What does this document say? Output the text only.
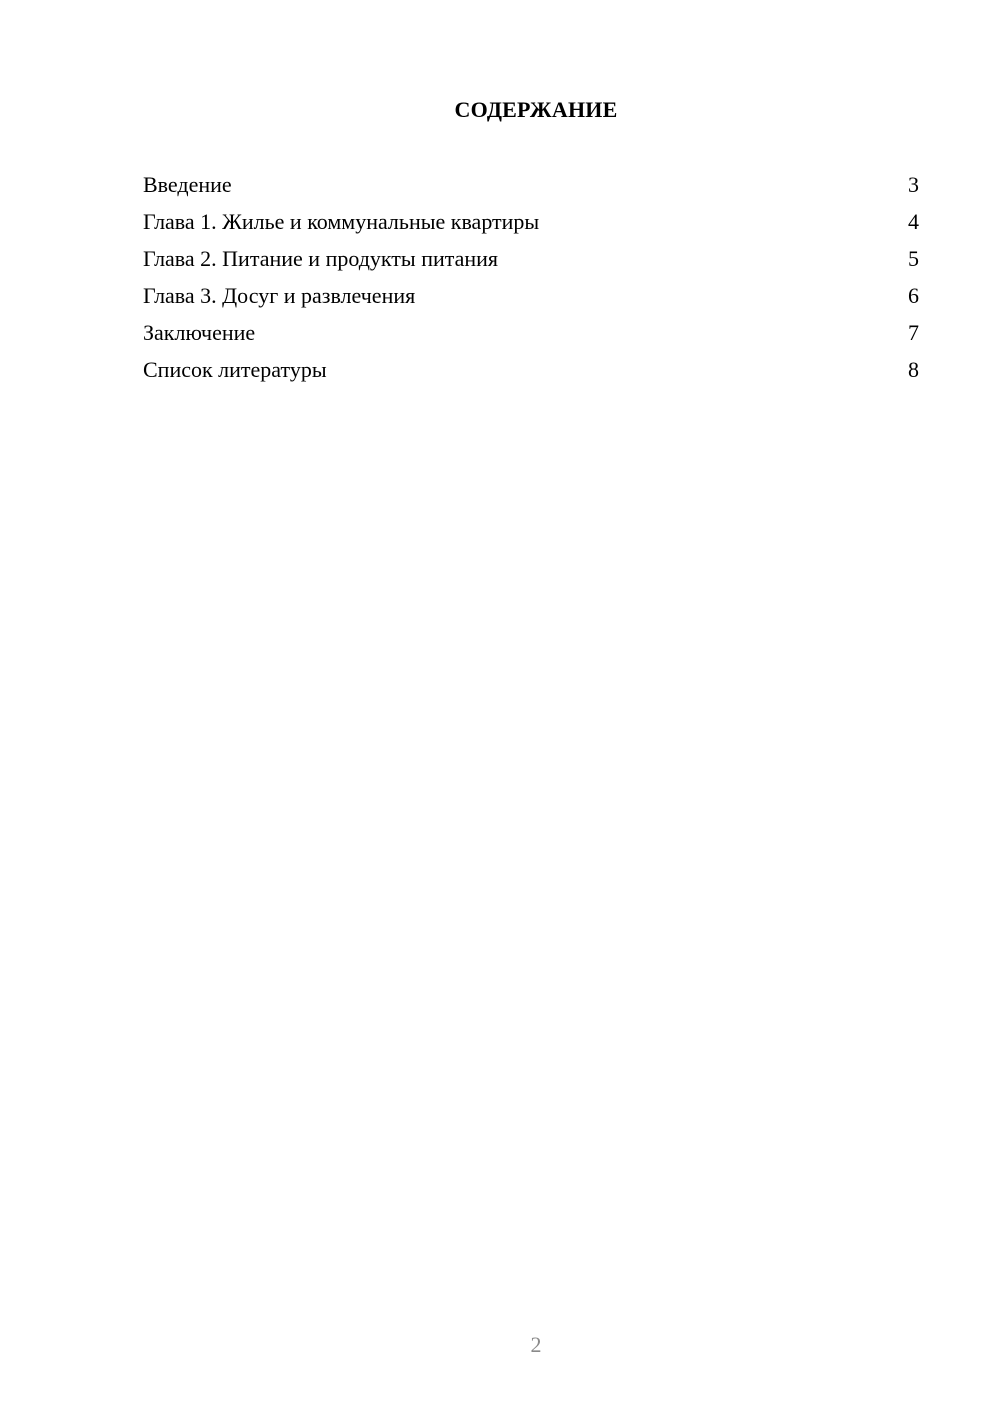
СОДЕРЖАНИЕ
Введение	3
Глава 1. Жилье и коммунальные квартиры	4
Глава 2. Питание и продукты питания	5
Глава 3. Досуг и развлечения	6
Заключение	7
Список литературы	8
2
